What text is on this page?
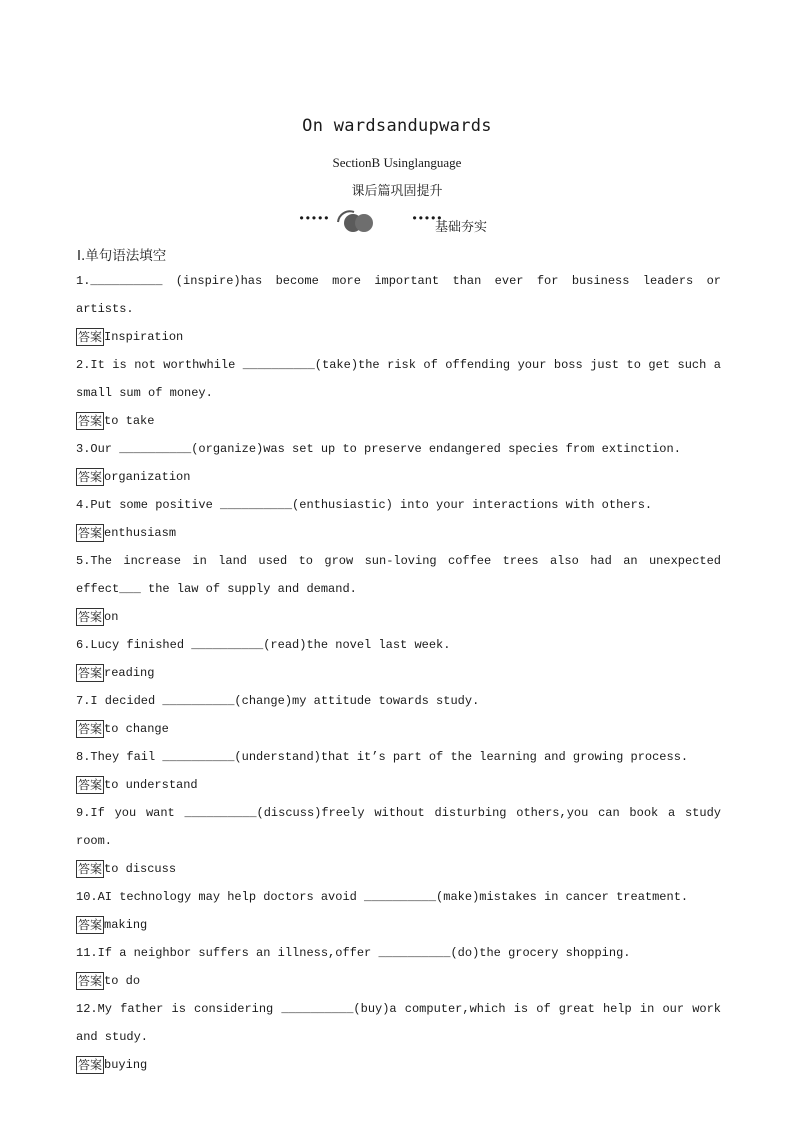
On wardsandupwards
SectionB Usinglanguage
课后篇巩固提升
•••••	•••••
基础夯实
Ⅰ.单句语法填空

1.__________ (inspire)has become more important than ever for business leaders or artists.

答案 Inspiration

2.It is not worthwhile __________(take)the risk of offending your boss just to get such a small sum of money.

答案 to take

3.Our __________(organize)was set up to preserve endangered species from extinction.

答案 organization

4.Put some positive __________(enthusiastic) into your interactions with others.

答案 enthusiasm

5.The increase in land used to grow sun-loving coffee trees also had an unexpected effect___ the law of supply and demand.

答案 on

6.Lucy finished __________(read)the novel last week.

答案 reading

7.I decided __________(change)my attitude towards study.

答案 to change

8.They fail __________(understand)that it’s part of the learning and growing process.

答案 to understand

9.If you want __________(discuss)freely without disturbing others,you can book a study room.

答案 to discuss

10.AI technology may help doctors avoid __________(make)mistakes in cancer treatment.

答案 making

11.If a neighbor suffers an illness,offer __________(do)the grocery shopping.

答案 to do

12.My father is considering __________(buy)a computer,which is of great help in our work and study.

答案 buying
